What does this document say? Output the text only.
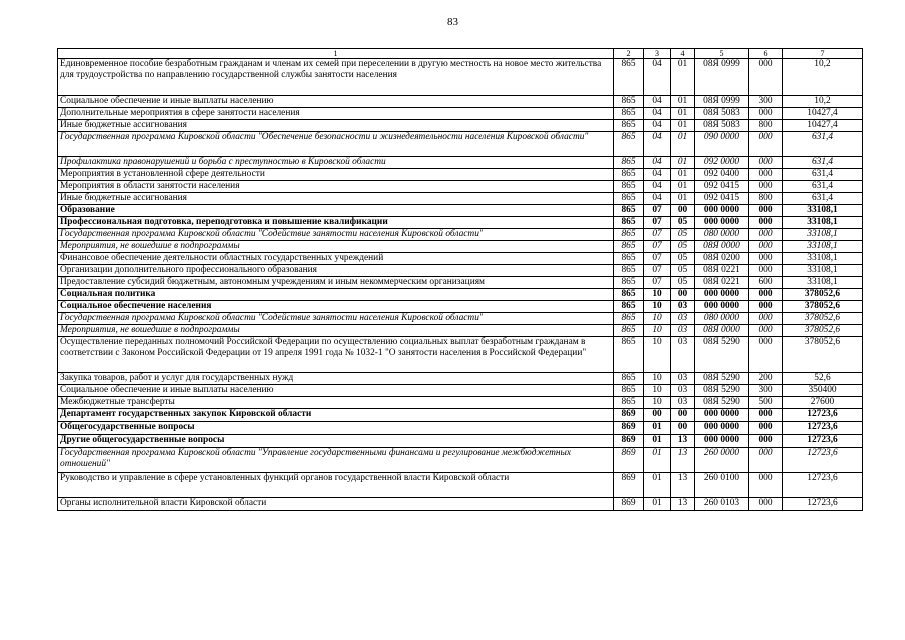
83
1	2	3	4	5	6	7
Единовременное пособие безработным гражданам и членам их семей при переселении в другую местность на новое место жительства для трудоустройства по направлению государственной службы занятости населения	865	04	01	08Я 0999	000	10,2
Социальное обеспечение и иные выплаты населению	865	04	01	08Я 0999	300	10,2
Дополнительные мероприятия в сфере занятости населения	865	04	01	08Я 5083	000	10427,4
Иные бюджетные ассигнования	865	04	01	08Я 5083	800	10427,4
Государственная программа Кировской области "Обеспечение безопасности и жизнедеятельности населения Кировской области"	865	04	01	090 0000	000	631,4
Профилактика правонарушений и борьба с преступностью в Кировской области	865	04	01	092 0000	000	631,4
Мероприятия в установленной сфере деятельности	865	04	01	092 0400	000	631,4
Мероприятия в области занятости населения	865	04	01	092 0415	000	631,4
Иные бюджетные ассигнования	865	04	01	092 0415	800	631,4
Образование	865	07	00	000 0000	000	33108,1
Профессиональная подготовка, переподготовка и повышение квалификации	865	07	05	000 0000	000	33108,1
Государственная программа Кировской области "Содействие занятости населения Кировской области"	865	07	05	080 0000	000	33108,1
Мероприятия, не вошедшие в подпрограммы	865	07	05	08Я 0000	000	33108,1
Финансовое обеспечение деятельности областных государственных учреждений	865	07	05	08Я 0200	000	33108,1
Организации дополнительного профессионального образования	865	07	05	08Я 0221	000	33108,1
Предоставление субсидий бюджетным, автономным учреждениям и иным некоммерческим организациям	865	07	05	08Я 0221	600	33108,1
Социальная политика	865	10	00	000 0000	000	378052,6
Социальное обеспечение населения	865	10	03	000 0000	000	378052,6
Государственная программа Кировской области "Содействие занятости населения Кировской области"	865	10	03	080 0000	000	378052,6
Мероприятия, не вошедшие в подпрограммы	865	10	03	08Я 0000	000	378052,6
Осуществление переданных полномочий Российской Федерации по осуществлению социальных выплат безработным гражданам в соответствии с Законом Российской Федерации от 19 апреля 1991 года № 1032-1 "О занятости населения в Российской Федерации"	865	10	03	08Я 5290	000	378052,6
Закупка товаров, работ и услуг для государственных нужд	865	10	03	08Я 5290	200	52,6
Социальное обеспечение и иные выплаты населению	865	10	03	08Я 5290	300	350400
Межбюджетные трансферты	865	10	03	08Я 5290	500	27600
Департамент государственных закупок Кировской области	869	00	00	000 0000	000	12723,6
Общегосударственные вопросы	869	01	00	000 0000	000	12723,6
Другие общегосударственные вопросы	869	01	13	000 0000	000	12723,6
Государственная программа Кировской области "Управление государственными финансами и регулирование межбюджетных отношений"	869	01	13	260 0000	000	12723,6
Руководство и управление в сфере установленных функций органов государственной власти Кировской области	869	01	13	260 0100	000	12723,6
Органы исполнительной власти Кировской области	869	01	13	260 0103	000	12723,6
